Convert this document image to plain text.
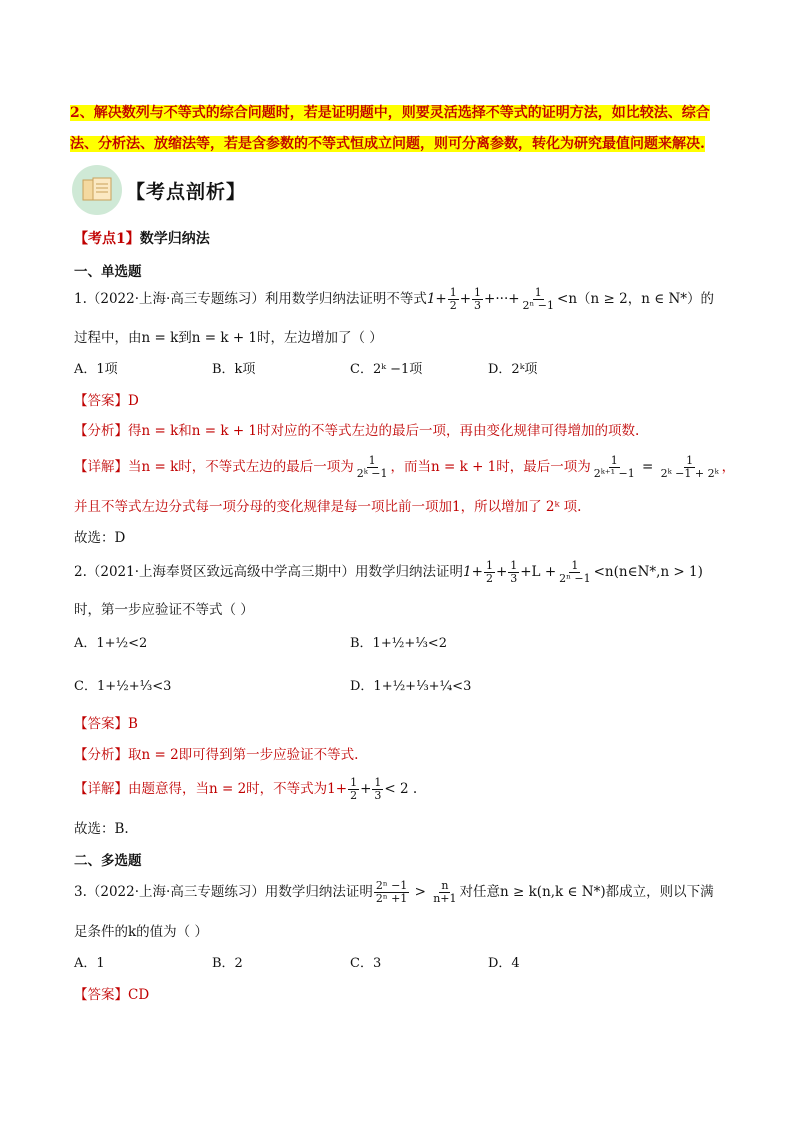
2、解决数列与不等式的综合问题时，若是证明题中，则要灵活选择不等式的证明方法，如比较法、综合
法、分析法、放缩法等，若是含参数的不等式恒成立问题，则可分离参数，转化为研究最值问题来解决.
【考点剖析】
【考点1】数学归纳法
一、单选题
1.（2022·上海·高三专题练习）利用数学归纳法证明不等式$1+ \frac{1}{2} + \frac{1}{3}$ +···+ $\frac{1}{\text{2ⁿ −1}} <n(n \ge 2$，n ∈ N*）的
过程中，由n = k到n = k + 1时，左边增加了（ ）
A．1项	B．k项	C．2ᵏ −1项	D．2ᵏ项
【答案】D
【分析】得n = k和n = k + 1时对应的不等式左边的最后一项，再由变化规律可得增加的项数.
【详解】当n = k时，不等式左边的最后一项为 $\frac{1}{\text{2ᵏ −1}}$ ，而当n = k + 1时，最后一项为 $\frac{1}{\text{2ᵏ⁺¹ −1}} = \frac{1}{\text{2ᵏ −1 + 2ᵏ}}$ ，
并且不等式左边分式每一项分母的变化规律是每一项比前一项加1，所以增加了 2ᵏ 项.
故选：D
2.（2021·上海奉贤区致远高级中学高三期中）用数学归纳法证明$1+ \frac{1}{2} + \frac{1}{3} +L + \frac{1}{\text{2ⁿ −1}}$ <n(n∈N*,n > 1)
时，第一步应验证不等式（ ）
A．1+½<2	B．1+½+⅓<2
C．1+½+⅓<3	D．1+½+⅓+¼<3
【答案】B
【分析】取n = 2即可得到第一步应验证不等式.
【详解】由题意得，当n = 2时，不等式为$1+ \frac{1}{2} + \frac{1}{3} < 2$ .
故选：B.
二、多选题
3.（2022·上海·高三专题练习）用数学归纳法证明 $\frac{\text{2ⁿ −1}}{\text{2ⁿ +1}} > \frac{n}{n+1}$ 对任意n ≥ k(n,k ∈ N*)都成立，则以下满
足条件的k的值为（ ）
A．1	B．2	C．3	D．4
【答案】CD
